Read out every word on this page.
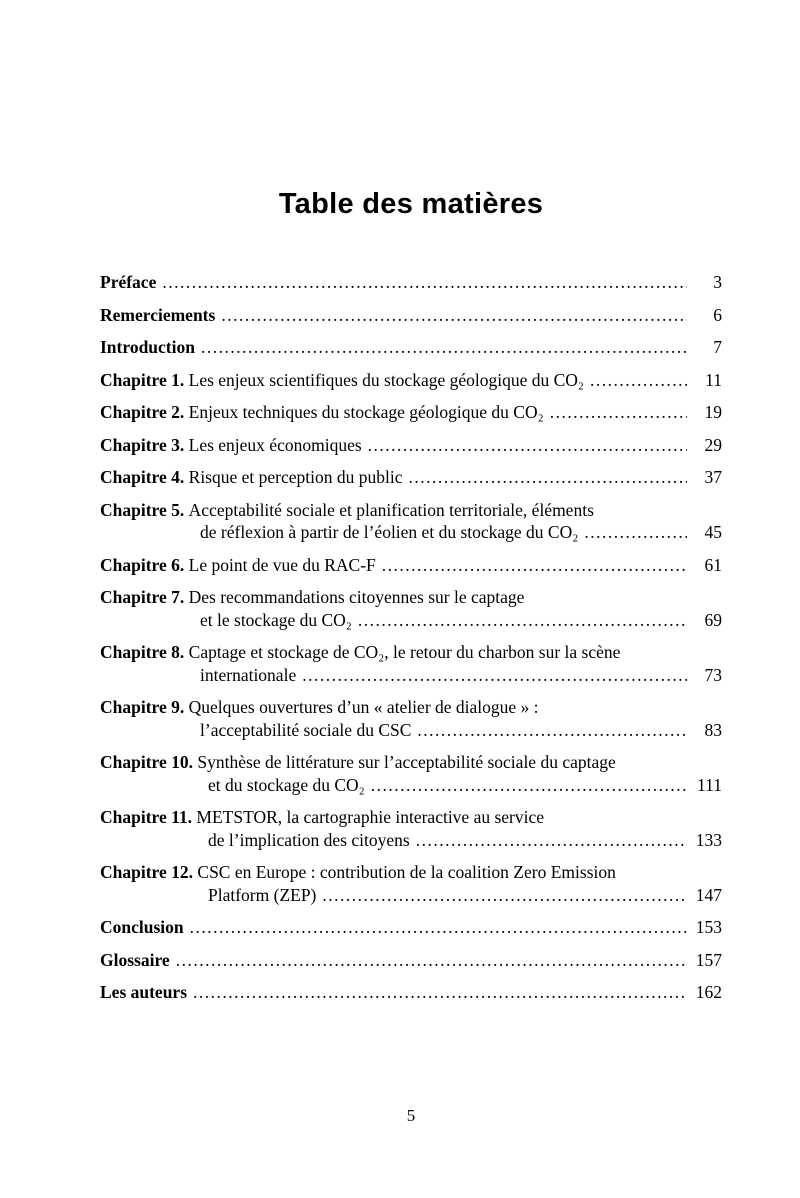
Table des matières
Préface .....	3
Remerciements .....	6
Introduction .....	7
Chapitre 1. Les enjeux scientifiques du stockage géologique du CO₂ .....	11
Chapitre 2. Enjeux techniques du stockage géologique du CO₂ .....	19
Chapitre 3. Les enjeux économiques .....	29
Chapitre 4. Risque et perception du public .....	37
Chapitre 5. Acceptabilité sociale et planification territoriale, éléments
de réflexion à partir de l’éolien et du stockage du CO₂ .....	45
Chapitre 6. Le point de vue du RAC-F .....	61
Chapitre 7. Des recommandations citoyennes sur le captage
et le stockage du CO₂ .....	69
Chapitre 8. Captage et stockage de CO₂, le retour du charbon sur la scène
internationale .....	73
Chapitre 9. Quelques ouvertures d’un « atelier de dialogue » :
l’acceptabilité sociale du CSC .....	83
Chapitre 10. Synthèse de littérature sur l’acceptabilité sociale du captage
et du stockage du CO₂ .....	111
Chapitre 11. METSTOR, la cartographie interactive au service
de l’implication des citoyens .....	133
Chapitre 12. CSC en Europe : contribution de la coalition Zero Emission
Platform (ZEP) .....	147
Conclusion .....	153
Glossaire .....	157
Les auteurs .....	162
5
